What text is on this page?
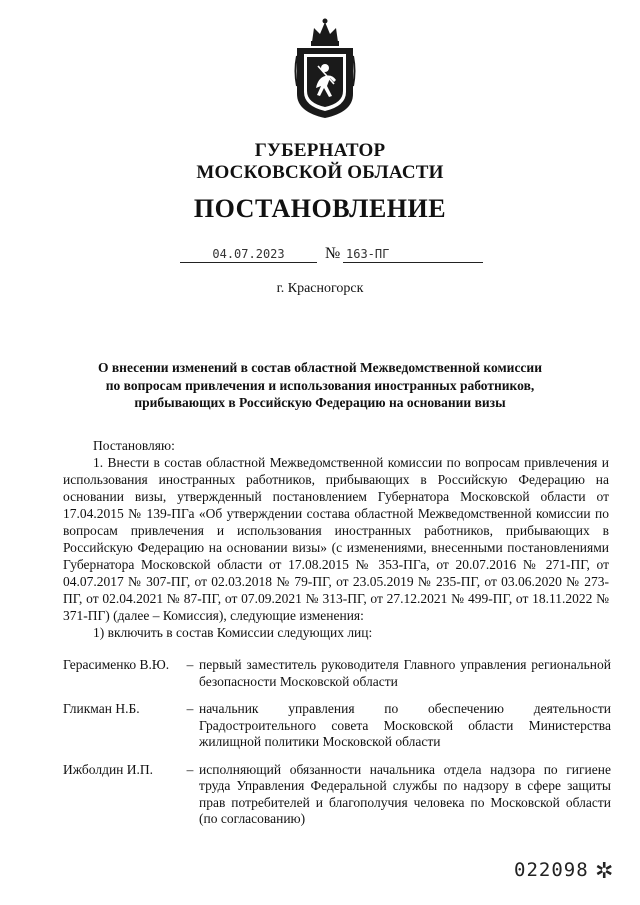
ГУБЕРНАТОР
МОСКОВСКОЙ ОБЛАСТИ
ПОСТАНОВЛЕНИЕ
04.07.2023	№ 163-ПГ
г. Красногорск
О внесении изменений в состав областной Межведомственной комиссии
по вопросам привлечения и использования иностранных работников,
прибывающих в Российскую Федерацию на основании визы

Постановляю:

1. Внести в состав областной Межведомственной комиссии по вопросам привлечения и использования иностранных работников, прибывающих в Российскую Федерацию на основании визы, утвержденный постановлением Губернатора Московской области от 17.04.2015 № 139-ПГа «Об утверждении состава областной Межведомственной комиссии по вопросам привлечения и использования иностранных работников, прибывающих в Российскую Федерацию на основании визы» (с изменениями, внесенными постановлениями Губернатора Московской области от 17.08.2015 № 353-ПГа, от 20.07.2016 № 271-ПГ, от 04.07.2017 № 307-ПГ, от 02.03.2018 № 79-ПГ, от 23.05.2019 № 235-ПГ, от 03.06.2020 № 273-ПГ, от 02.04.2021 № 87-ПГ, от 07.09.2021 № 313-ПГ, от 27.12.2021 № 499-ПГ, от 18.11.2022 № 371-ПГ) (далее – Комиссия), следующие изменения:

1) включить в состав Комиссии следующих лиц:

Герасименко В.Ю.	– первый заместитель руководителя Главного управления региональной безопасности Московской области
Гликман Н.Б.	– начальник управления по обеспечению деятельности Градостроительного совета Московской области Министерства жилищной политики Московской области
Ижболдин И.П.	– исполняющий обязанности начальника отдела надзора по гигиене труда Управления Федеральной службы по надзору в сфере защиты прав потребителей и благополучия человека по Московской области (по согласованию)
022098 ✲
